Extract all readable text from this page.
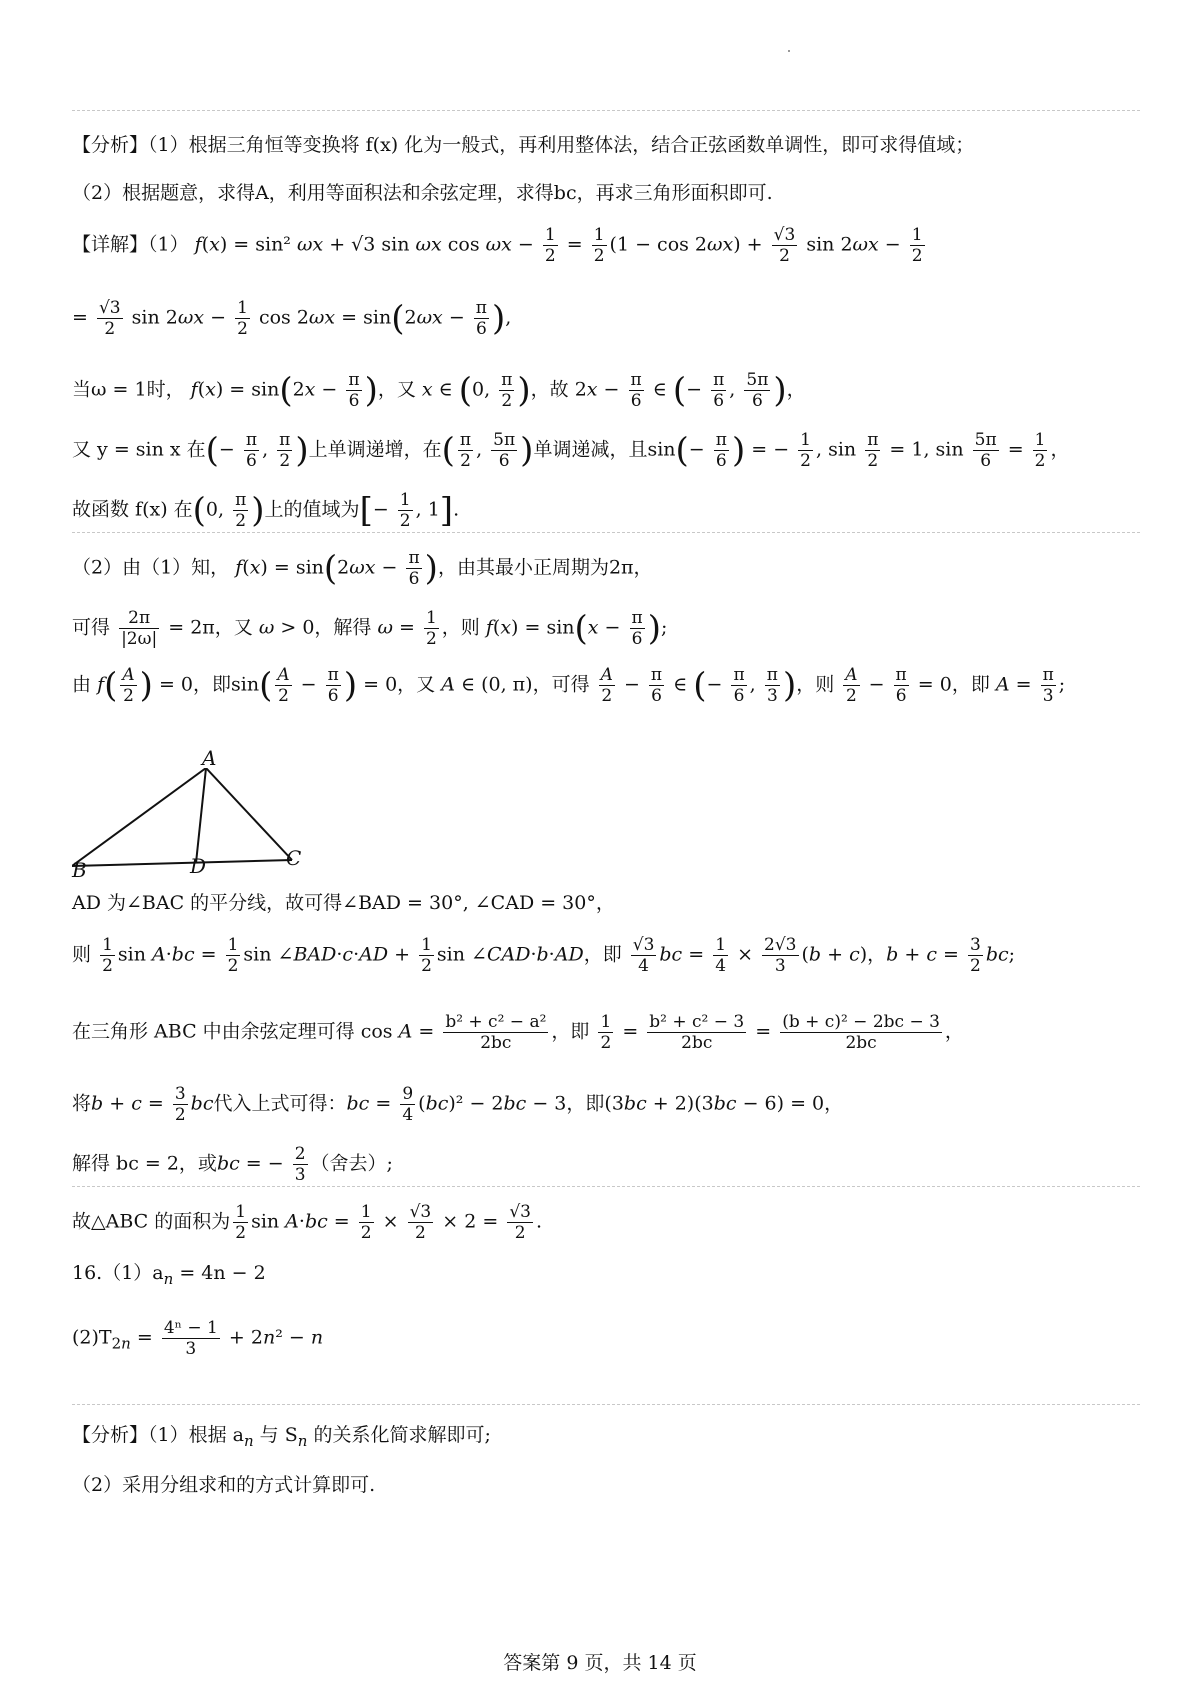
【分析】（1）根据三角恒等变换将 f(x) 化为一般式，再利用整体法，结合正弦函数单调性，即可求得值域；
（2）根据题意，求得A，利用等面积法和余弦定理，求得bc，再求三角形面积即可.
【详解】（1） f(x) = sin² ωx + √3 sin ωx $\cos \omega x - \frac{1}{2} = \frac{1}{2} (1 - \cos 2\omega x) + \frac{√3}{2}$ $\sin 2\omega x - \frac{1}{2}$
= $\frac{√3}{2}$ $\sin 2\omega x - \frac{1}{2}$ $\cos 2\omega x = \sin(2\omega x - \frac{\pi}{6}$ ),
当ω = 1时， $f(x) = \sin(2x - \frac{\pi}{6}$ )，又 x ∈ (0, $\frac{\pi}{2}$ )，故 $2x - \frac{\pi}{6}$ ∈ (− $\frac{\pi}{6}$ , $\frac{5\pi}{6}$ )，
又 y = sin x 在(− $\frac{\pi}{6}$ , $\frac{\pi}{2}$ )上单调递增，在( $\frac{\pi}{2}$ , $\frac{5\pi}{6}$ )单调递减，且$\sin(- \frac{\pi}{6}$ ) = − $\frac{1}{2}$ , $\sin \frac{\pi}{2} = 1$, $\sin \frac{5\pi}{6} = \frac{1}{2}$ ，
故函数 f(x) 在(0, $\frac{\pi}{2}$ )上的值域为[− $\frac{1}{2}$ , 1].
（2）由（1）知， $f(x) = \sin(2\omega x - \frac{\pi}{6}$ )，由其最小正周期为2π，
可得 $\frac{2\pi}{|2\omega|} = 2\pi$，又 ω > 0，解得 $\omega = \frac{1}{2}$ ，则 $f(x) = \sin(x - \frac{\pi}{6}$ );
由 $f( \frac{A}{2}$ ) = 0，即$\sin( \frac{A}{2} - \frac{\pi}{6}$ ) = 0，又 A ∈ (0, π)，可得 $\frac{A}{2} - \frac{\pi}{6}$ ∈ (− $\frac{\pi}{6}$ , $\frac{\pi}{3}$ )，则 $\frac{A}{2} - \frac{\pi}{6} = 0$，即 $A = \frac{\pi}{3}$ ;
A
B	D	C
AD 为∠BAC 的平分线，故可得∠BAD = 30°, ∠CAD = 30°，
则 $\frac{1}{2}$ $\sin A\cdot bc = \frac{1}{2}$ sin ∠BAD·c·AD + $\frac{1}{2}$ sin ∠CAD·b·AD，即 $\frac{√3}{4}$ bc = $\frac{1}{4} \times \frac{2√3}{3} (b + c)$，$b + c = \frac{3}{2}$ bc;
在三角形 ABC 中由余弦定理可得 $\cos A = \frac{\text{b² + c² − a²}}{2bc}$ ，即 $\frac{1}{2} = \frac{\text{b² + c² − 3}}{2bc} = \frac{\text{(b + c)² − 2bc − 3}}{2bc}$ ，
将$b + c = \frac{3}{2}$ bc代入上式可得：bc = $\frac{9}{4} (bc)^2 - 2bc - 3$，即(3bc + 2)(3bc − 6) = 0，
解得 bc = 2，或bc = − $\frac{2}{3}$ （舍去）;
故△ABC 的面积为 $\frac{1}{2}$ $\sin A\cdot bc = \frac{1}{2} \times \frac{√3}{2} \times 2 = \frac{√3}{2}$ .
$16.(1)a_n = 4n - 2$
$(2)T_{2n} = \frac{\text{4ⁿ − 1}}{3} + 2n^2 - n$
【分析】（1）根据 $a_n$ 与 $S_n$ 的关系化简求解即可;
（2）采用分组求和的方式计算即可.
答案第 9 页，共 14 页
